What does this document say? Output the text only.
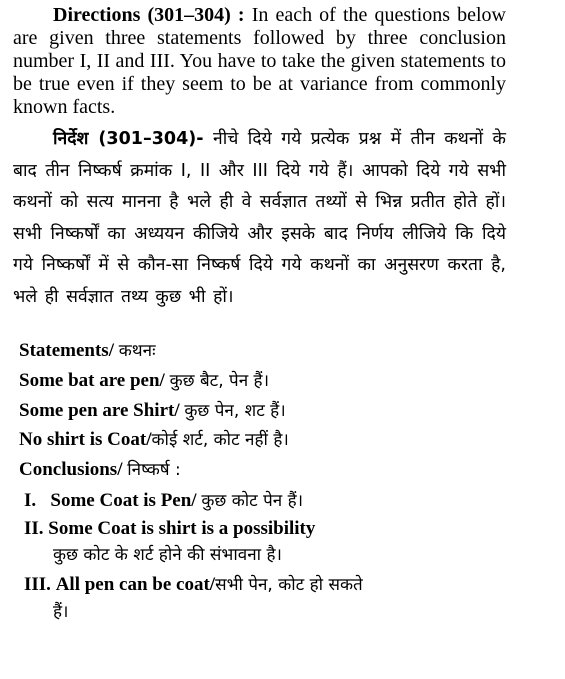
Directions (301–304) : In each of the questions below are given three statements followed by three conclusion number I, II and III. You have to take the given statements to be true even if they seem to be at variance from commonly known facts.

निर्देश (301–304)- नीचे दिये गये प्रत्येक प्रश्न में तीन कथनों के बाद तीन निष्कर्ष क्रमांक I, II और III दिये गये हैं। आपको दिये गये सभी कथनों को सत्य मानना है भले ही वे सर्वज्ञात तथ्यों से भिन्न प्रतीत होते हों। सभी निष्कर्षों का अध्ययन कीजिये और इसके बाद निर्णय लीजिये कि दिये गये निष्कर्षों में से कौन-सा निष्कर्ष दिये गये कथनों का अनुसरण करता है, भले ही सर्वज्ञात तथ्य कुछ भी हों।

Statements/ कथनः

Some bat are pen/ कुछ बैट, पेन हैं।

Some pen are Shirt/ कुछ पेन, शट हैं।

No shirt is Coat/कोई शर्ट, कोट नहीं है।

Conclusions/ निष्कर्ष :

I. Some Coat is Pen/ कुछ कोट पेन हैं।

II. Some Coat is shirt is a possibility

कुछ कोट के शर्ट होने की संभावना है।

III. All pen can be coat/सभी पेन, कोट हो सकते

हैं।
